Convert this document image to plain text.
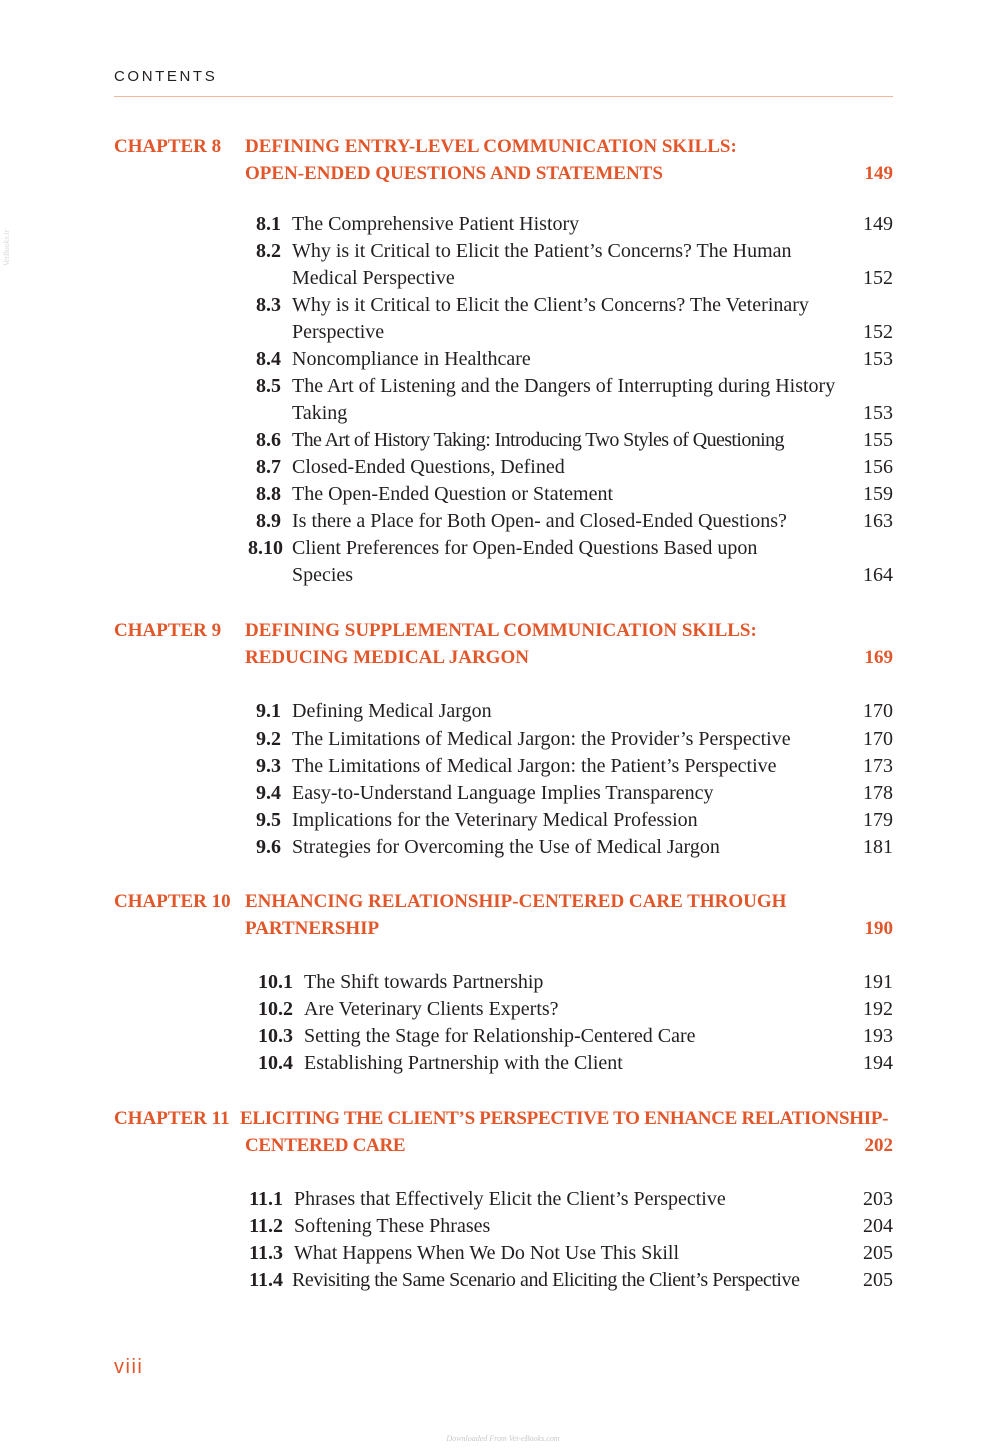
CONTENTS
VetBooks.ir
CHAPTER 8 DEFINING ENTRY-LEVEL COMMUNICATION SKILLS:
OPEN-ENDED QUESTIONS AND STATEMENTS	149
8.1 The Comprehensive Patient History	149
8.2 Why is it Critical to Elicit the Patient’s Concerns? The Human
Medical Perspective	152
8.3 Why is it Critical to Elicit the Client’s Concerns? The Veterinary
Perspective	152
8.4 Noncompliance in Healthcare	153
8.5 The Art of Listening and the Dangers of Interrupting during History
Taking	153
8.6 The Art of History Taking: Introducing Two Styles of Questioning	155
8.7 Closed-Ended Questions, Defined	156
8.8 The Open-Ended Question or Statement	159
8.9 Is there a Place for Both Open- and Closed-Ended Questions?	163
8.10 Client Preferences for Open-Ended Questions Based upon
Species	164
CHAPTER 9 DEFINING SUPPLEMENTAL COMMUNICATION SKILLS:
REDUCING MEDICAL JARGON	169
9.1 Defining Medical Jargon	170
9.2 The Limitations of Medical Jargon: the Provider’s Perspective	170
9.3 The Limitations of Medical Jargon: the Patient’s Perspective	173
9.4 Easy-to-Understand Language Implies Transparency	178
9.5 Implications for the Veterinary Medical Profession	179
9.6 Strategies for Overcoming the Use of Medical Jargon	181
CHAPTER 10 ENHANCING RELATIONSHIP-CENTERED CARE THROUGH
PARTNERSHIP	190
10.1 The Shift towards Partnership	191
10.2 Are Veterinary Clients Experts?	192
10.3 Setting the Stage for Relationship-Centered Care	193
10.4 Establishing Partnership with the Client	194
CHAPTER 11 ELICITING THE CLIENT’S PERSPECTIVE TO ENHANCE RELATIONSHIP-
CENTERED CARE	202
11.1 Phrases that Effectively Elicit the Client’s Perspective	203
11.2 Softening These Phrases	204
11.3 What Happens When We Do Not Use This Skill	205
11.4 Revisiting the Same Scenario and Eliciting the Client’s Perspective	205
viii
Downloaded From Vet-eBooks.com
